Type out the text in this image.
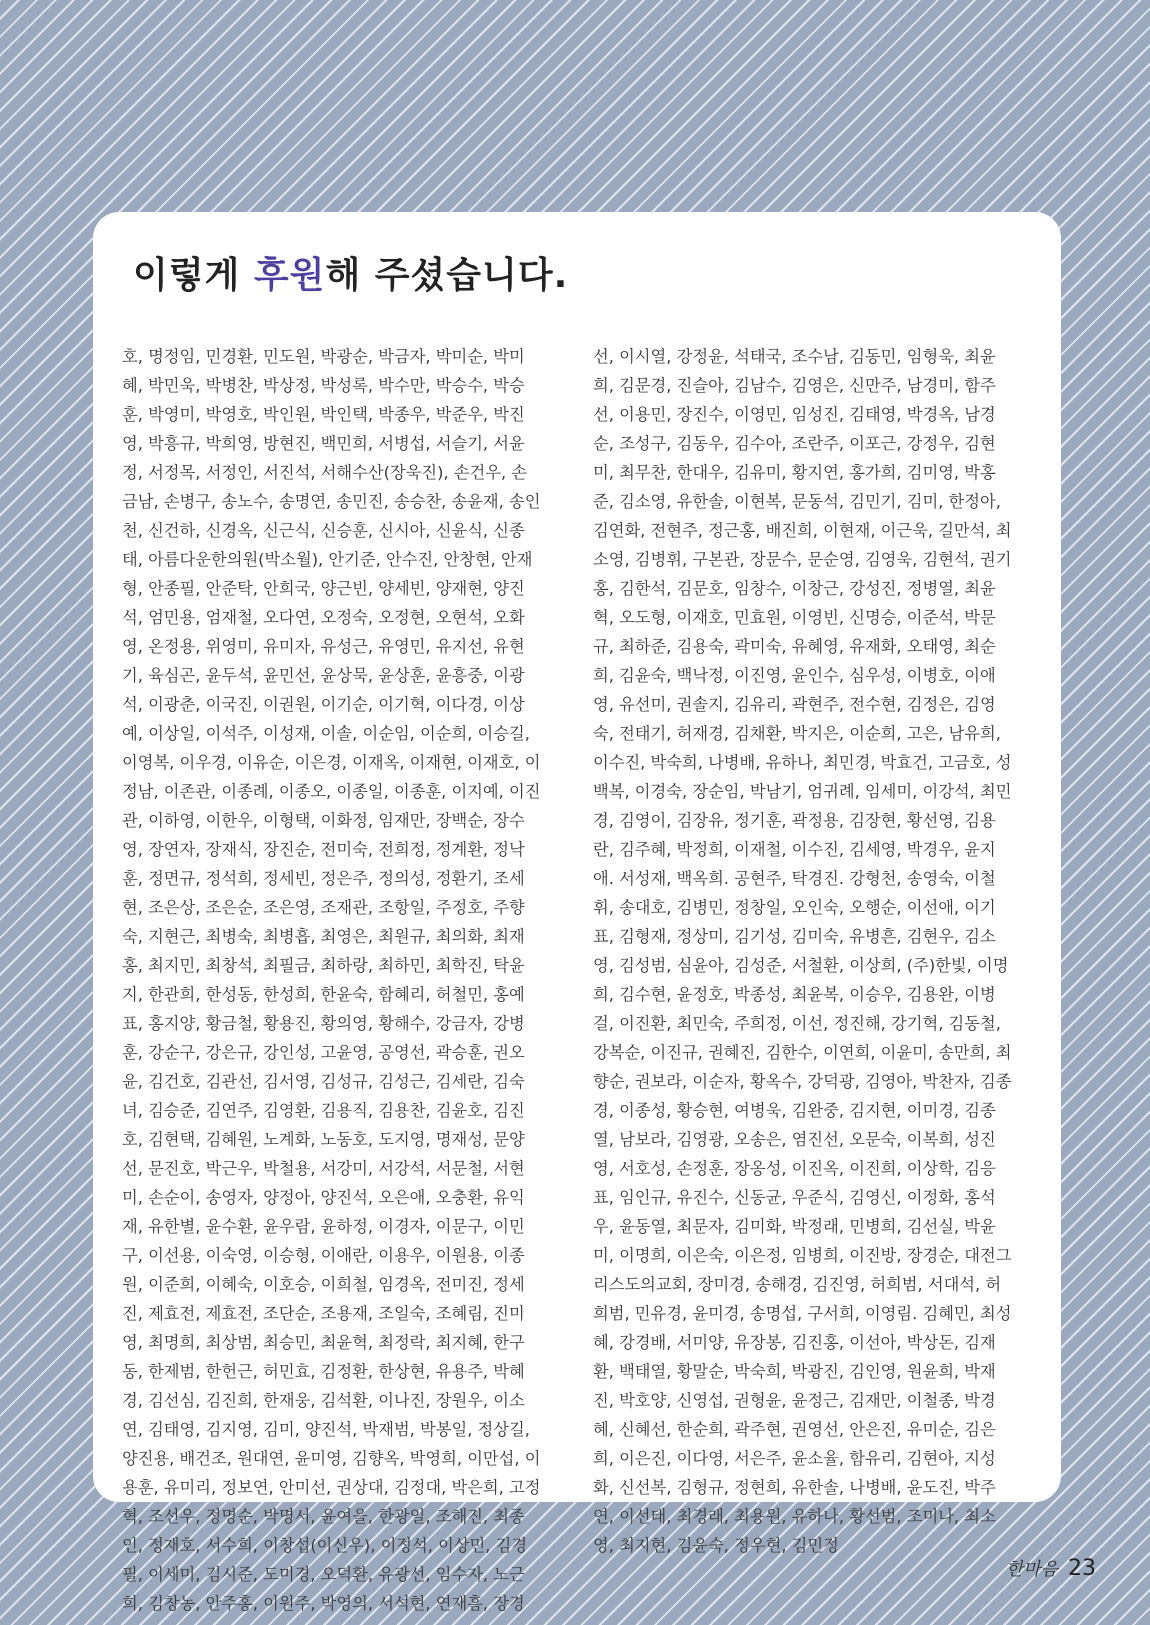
이렇게 후원해 주셨습니다.
호, 명정임, 민경환, 민도원, 박광순, 박금자, 박미순, 박미
혜, 박민욱, 박병찬, 박상정, 박성록, 박수만, 박승수, 박승
훈, 박영미, 박영호, 박인원, 박인택, 박종우, 박준우, 박진
영, 박흥규, 박희영, 방현진, 백민희, 서병섭, 서슬기, 서윤
정, 서정목, 서정인, 서진석, 서해수산(장욱진), 손건우, 손
금남, 손병구, 송노수, 송명연, 송민진, 송승찬, 송윤재, 송인
천, 신건하, 신경옥, 신근식, 신승훈, 신시아, 신윤식, 신종
태, 아름다운한의원(박소월), 안기준, 안수진, 안창현, 안재
형, 안종필, 안준탁, 안희국, 양근빈, 양세빈, 양재현, 양진
석, 엄민용, 엄재철, 오다연, 오정숙, 오정현, 오현석, 오화
영, 온정용, 위영미, 유미자, 유성근, 유영민, 유지선, 유현
기, 육심곤, 윤두석, 윤민선, 윤상묵, 윤상훈, 윤흥중, 이광
석, 이광춘, 이국진, 이권원, 이기순, 이기혁, 이다경, 이상
예, 이상일, 이석주, 이성재, 이솔, 이순임, 이순희, 이승길,
이영복, 이우경, 이유순, 이은경, 이재옥, 이재현, 이재호, 이
정남, 이존관, 이종례, 이종오, 이종일, 이종훈, 이지예, 이진
관, 이하영, 이한우, 이형택, 이화정, 임재만, 장백순, 장수
영, 장연자, 장재식, 장진순, 전미숙, 전희정, 정계환, 정낙
훈, 정면규, 정석희, 정세빈, 정은주, 정의성, 정환기, 조세
현, 조은상, 조은순, 조은영, 조재관, 조항일, 주정호, 주향
숙, 지현근, 최병숙, 최병흡, 최영은, 최원규, 최의화, 최재
홍, 최지민, 최창석, 최필금, 최하랑, 최하민, 최학진, 탁윤
지, 한관희, 한성동, 한성희, 한윤숙, 함혜리, 허철민, 홍예
표, 홍지양, 황금철, 황용진, 황의영, 황해수, 강금자, 강병
훈, 강순구, 강은규, 강인성, 고윤영, 공영선, 곽승훈, 권오
윤, 김건호, 김관선, 김서영, 김성규, 김성근, 김세란, 김숙
녀, 김승준, 김연주, 김영환, 김용직, 김용찬, 김윤호, 김진
호, 김현택, 김혜원, 노계화, 노동호, 도지영, 명재성, 문양
선, 문진호, 박근우, 박철용, 서강미, 서강석, 서문철, 서현
미, 손순이, 송영자, 양정아, 양진석, 오은애, 오충환, 유익
재, 유한별, 윤수환, 윤우람, 윤하정, 이경자, 이문구, 이민
구, 이선용, 이숙영, 이승형, 이애란, 이용우, 이원용, 이종
원, 이준희, 이혜숙, 이호승, 이희철, 임경옥, 전미진, 정세
진, 제효전, 제효전, 조단순, 조용재, 조일숙, 조혜림, 진미
영, 최명희, 최상범, 최승민, 최윤혁, 최정락, 최지혜, 한구
동, 한제범, 한헌근, 허민효, 김정환, 한상현, 유용주, 박혜
경, 김선심, 김진희, 한재웅, 김석환, 이나진, 장원우, 이소
연, 김태영, 김지영, 김미, 양진석, 박재범, 박봉일, 정상길,
양진용, 배건조, 원대연, 윤미영, 김향옥, 박영희, 이만섭, 이
용훈, 유미리, 정보연, 안미선, 권상대, 김정대, 박은희, 고정
혁, 조선우, 정명순, 박명서, 윤여을, 한광일, 조해진, 최종
인, 정재호, 서수희, 이창섭(이신우), 이정석, 이상민, 김경
필, 이세미, 김시준, 도미경, 오덕환, 유광선, 임수자, 노근
희, 김창농, 안주홍, 이원주, 박영의, 서석현, 연재흠, 장경
선, 이시열, 강정윤, 석태국, 조수남, 김동민, 임형욱, 최윤
희, 김문경, 진슬아, 김남수, 김영은, 신만주, 남경미, 함주
선, 이용민, 장진수, 이영민, 임성진, 김태영, 박경옥, 남경
순, 조성구, 김동우, 김수아, 조란주, 이포근, 강정우, 김현
미, 최무찬, 한대우, 김유미, 황지연, 홍가희, 김미영, 박홍
준, 김소영, 유한솔, 이현복, 문동석, 김민기, 김미, 한정아,
김연화, 전현주, 정근홍, 배진희, 이현재, 이근욱, 길만석, 최
소영, 김병휘, 구본관, 장문수, 문순영, 김영욱, 김현석, 권기
홍, 김한석, 김문호, 임창수, 이창근, 강성진, 정병열, 최윤
혁, 오도형, 이재호, 민효원, 이영빈, 신명승, 이준석, 박문
규, 최하준, 김용숙, 곽미숙, 유혜영, 유재화, 오태영, 최순
희, 김윤숙, 백낙정, 이진영, 윤인수, 심우성, 이병호, 이애
영, 유선미, 권솔지, 김유리, 곽현주, 전수현, 김정은, 김영
숙, 전태기, 허재경, 김채환, 박지은, 이순희, 고은, 남유희,
이수진, 박숙희, 나병배, 유하나, 최민경, 박효건, 고금호, 성
백복, 이경숙, 장순임, 박남기, 엄귀례, 임세미, 이강석, 최민
경, 김영이, 김장유, 정기훈, 곽정용, 김장현, 황선영, 김용
란, 김주혜, 박정희, 이재철, 이수진, 김세영, 박경우, 윤지
애. 서성재, 백옥희. 공현주, 탁경진. 강형천, 송영숙, 이철
휘, 송대호, 김병민, 정창일, 오인숙, 오행순, 이선애, 이기
표, 김형재, 정상미, 김기성, 김미숙, 유병흔, 김현우, 김소
영, 김성범, 심윤아, 김성준, 서철환, 이상희, (주)한빛, 이명
희, 김수현, 윤정호, 박종성, 최윤복, 이승우, 김용완, 이병
걸, 이진환, 최민숙, 주희정, 이선, 정진해, 강기혁, 김동철,
강복순, 이진규, 권혜진, 김한수, 이연희, 이윤미, 송만희, 최
향순, 권보라, 이순자, 황옥수, 강덕광, 김영아, 박찬자, 김종
경, 이종성, 황승현, 여병욱, 김완중, 김지현, 이미경, 김종
열, 남보라, 김영광, 오송은, 염진선, 오문숙, 이복희, 성진
영, 서호성, 손정훈, 장옹성, 이진옥, 이진희, 이상학, 김응
표, 임인규, 유진수, 신동균, 우준식, 김영신, 이정화, 홍석
우, 윤동열, 최문자, 김미화, 박정래, 민병희, 김선실, 박윤
미, 이명희, 이은숙, 이은정, 임병희, 이진방, 장경순, 대전그
리스도의교회, 장미경, 송해경, 김진영, 허희범, 서대석, 허
희범, 민유경, 윤미경, 송명섭, 구서희, 이영림. 김혜민, 최성
혜, 강경배, 서미양, 유장봉, 김진홍, 이선아, 박상돈, 김재
환, 백태열, 황말순, 박숙희, 박광진, 김인영, 원윤희, 박재
진, 박호양, 신영섭, 권형윤, 윤정근, 김재만, 이철종, 박경
혜, 신혜선, 한순희, 곽주현, 권영선, 안은진, 유미순, 김은
희, 이은진, 이다영, 서은주, 윤소율, 함유리, 김현아, 지성
화, 신선복, 김형규, 정현희, 유한솔, 나병배, 윤도진, 박주
연, 이선태, 최경래, 최용원, 유하나, 황선범, 조미나, 최소
영, 최지현, 김윤숙, 정우현, 김민정
한마음 23
